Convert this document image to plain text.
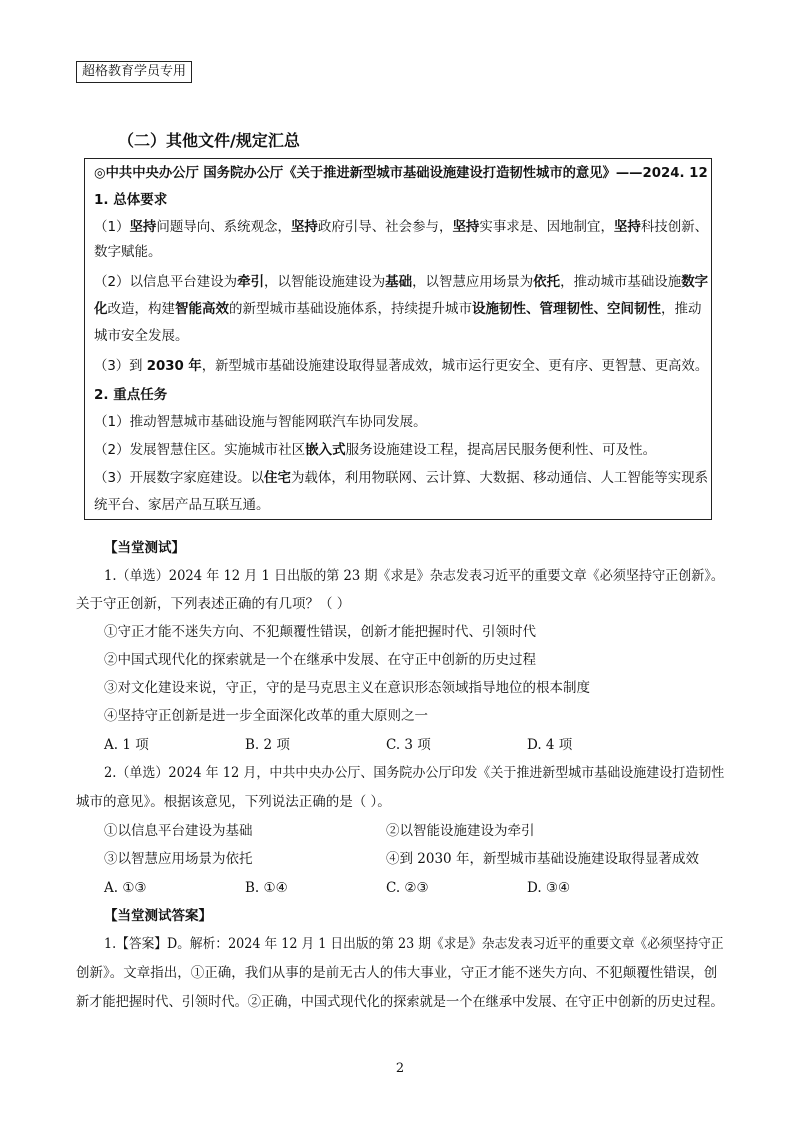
超格教育学员专用
（二）其他文件/规定汇总
◎中共中央办公厅 国务院办公厅《关于推进新型城市基础设施建设打造韧性城市的意见》——2024. 12
1. 总体要求
（1）坚持问题导向、系统观念，坚持政府引导、社会参与，坚持实事求是、因地制宜，坚持科技创新、
数字赋能。
（2）以信息平台建设为牵引，以智能设施建设为基础，以智慧应用场景为依托，推动城市基础设施数字
化改造，构建智能高效的新型城市基础设施体系，持续提升城市设施韧性、管理韧性、空间韧性，推动
城市安全发展。
（3）到 2030 年，新型城市基础设施建设取得显著成效，城市运行更安全、更有序、更智慧、更高效。
2. 重点任务
（1）推动智慧城市基础设施与智能网联汽车协同发展。
（2）发展智慧住区。实施城市社区嵌入式服务设施建设工程，提高居民服务便利性、可及性。
（3）开展数字家庭建设。以住宅为载体，利用物联网、云计算、大数据、移动通信、人工智能等实现系
统平台、家居产品互联互通。
【当堂测试】
1.（单选）2024 年 12 月 1 日出版的第 23 期《求是》杂志发表习近平的重要文章《必须坚持守正创新》。
关于守正创新，下列表述正确的有几项？（ ）
①守正才能不迷失方向、不犯颠覆性错误，创新才能把握时代、引领时代
②中国式现代化的探索就是一个在继承中发展、在守正中创新的历史过程
③对文化建设来说，守正，守的是马克思主义在意识形态领域指导地位的根本制度
④坚持守正创新是进一步全面深化改革的重大原则之一
A. 1 项	B. 2 项	C. 3 项	D. 4 项
2.（单选）2024 年 12 月，中共中央办公厅、国务院办公厅印发《关于推进新型城市基础设施建设打造韧性
城市的意见》。根据该意见，下列说法正确的是（ ）。
①以信息平台建设为基础	②以智能设施建设为牵引
③以智慧应用场景为依托	④到 2030 年，新型城市基础设施建设取得显著成效
A. ①③	B. ①④	C. ②③	D. ③④
【当堂测试答案】
1.【答案】D。解析：2024 年 12 月 1 日出版的第 23 期《求是》杂志发表习近平的重要文章《必须坚持守正
创新》。文章指出，①正确，我们从事的是前无古人的伟大事业，守正才能不迷失方向、不犯颠覆性错误，创
新才能把握时代、引领时代。②正确，中国式现代化的探索就是一个在继承中发展、在守正中创新的历史过程。
2
